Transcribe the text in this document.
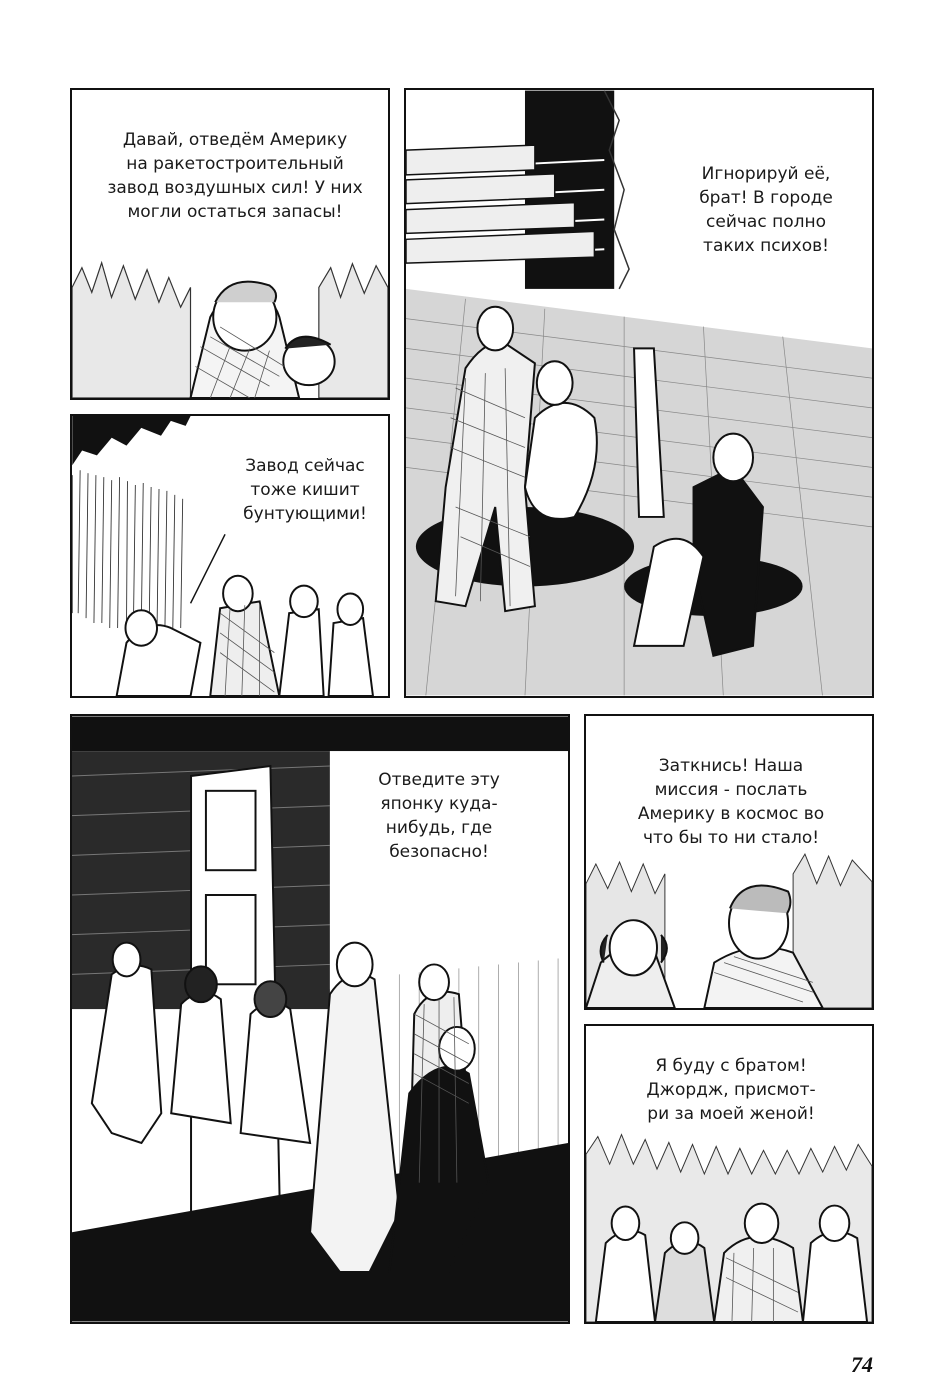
Давай, отведём Америку
на ракетостроительный
завод воздушных сил! У них
могли остаться запасы!

Игнорируй её,
брат! В городе
сейчас полно
таких психов!

Завод сейчас
тоже кишит
бунтующими!

Отведите эту
японку куда-
нибудь, где
безопасно!

Заткнись! Наша
миссия - послать
Америку в космос во
что бы то ни стало!

Я буду с братом!
Джордж, присмот-
ри за моей женой!

74
